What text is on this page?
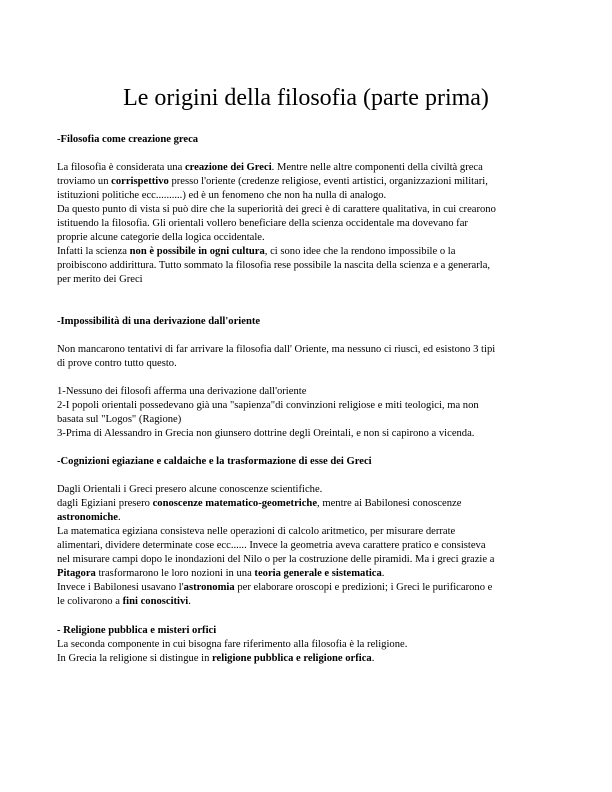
Le origini della filosofia (parte prima)
-Filosofia come creazione greca
La filosofia è considerata una creazione dei Greci. Mentre nelle altre componenti della civiltà greca
troviamo un corrispettivo presso l'oriente (credenze religiose, eventi artistici, organizzazioni militari,
istituzioni politiche ecc..........) ed è un fenomeno che non ha nulla di analogo.
Da questo punto di vista si può dire che la superiorità dei greci è di carattere qualitativa, in cui crearono
istituendo la filosofia. Gli orientali vollero beneficiare della scienza occidentale ma dovevano far
proprie alcune categorie della logica occidentale.
Infatti la scienza non è possibile in ogni cultura, ci sono idee che la rendono impossibile o la
proibiscono addirittura. Tutto sommato la filosofia rese possibile la nascita della scienza e a generarla,
per merito dei Greci
-Impossibilità di una derivazione dall'oriente
Non mancarono tentativi di far arrivare la filosofia dall' Oriente, ma nessuno ci riuscì, ed esistono 3 tipi
di prove contro tutto questo.
1-Nessuno dei filosofi afferma una derivazione dall'oriente
2-I popoli orientali possedevano già una "sapienza"di convinzioni religiose e miti teologici, ma non
basata sul "Logos" (Ragione)
3-Prima di Alessandro in Grecia non giunsero dottrine degli Oreintali, e non si capirono a vicenda.
-Cognizioni egiaziane e caldaiche e la trasformazione di esse dei Greci
Dagli Orientali i Greci presero alcune conoscenze scientifiche.
dagli Egiziani presero conoscenze matematico-geometriche, mentre ai Babilonesi conoscenze
astronomiche.
La matematica egiziana consisteva nelle operazioni di calcolo aritmetico, per misurare derrate
alimentari, dividere determinate cose ecc...... Invece la geometria aveva carattere pratico e consisteva
nel misurare campi dopo le inondazioni del Nilo o per la costruzione delle piramidi. Ma i greci grazie a
Pitagora trasformarono le loro nozioni in una teoria generale e sistematica.
Invece i Babilonesi usavano l'astronomia per elaborare oroscopi e predizioni; i Greci le purificarono e
le colivarono a fini conoscitivi.
- Religione pubblica e misteri orfici
La seconda componente in cui bisogna fare riferimento alla filosofia è la religione.
In Grecia la religione si distingue in religione pubblica e religione orfica.
